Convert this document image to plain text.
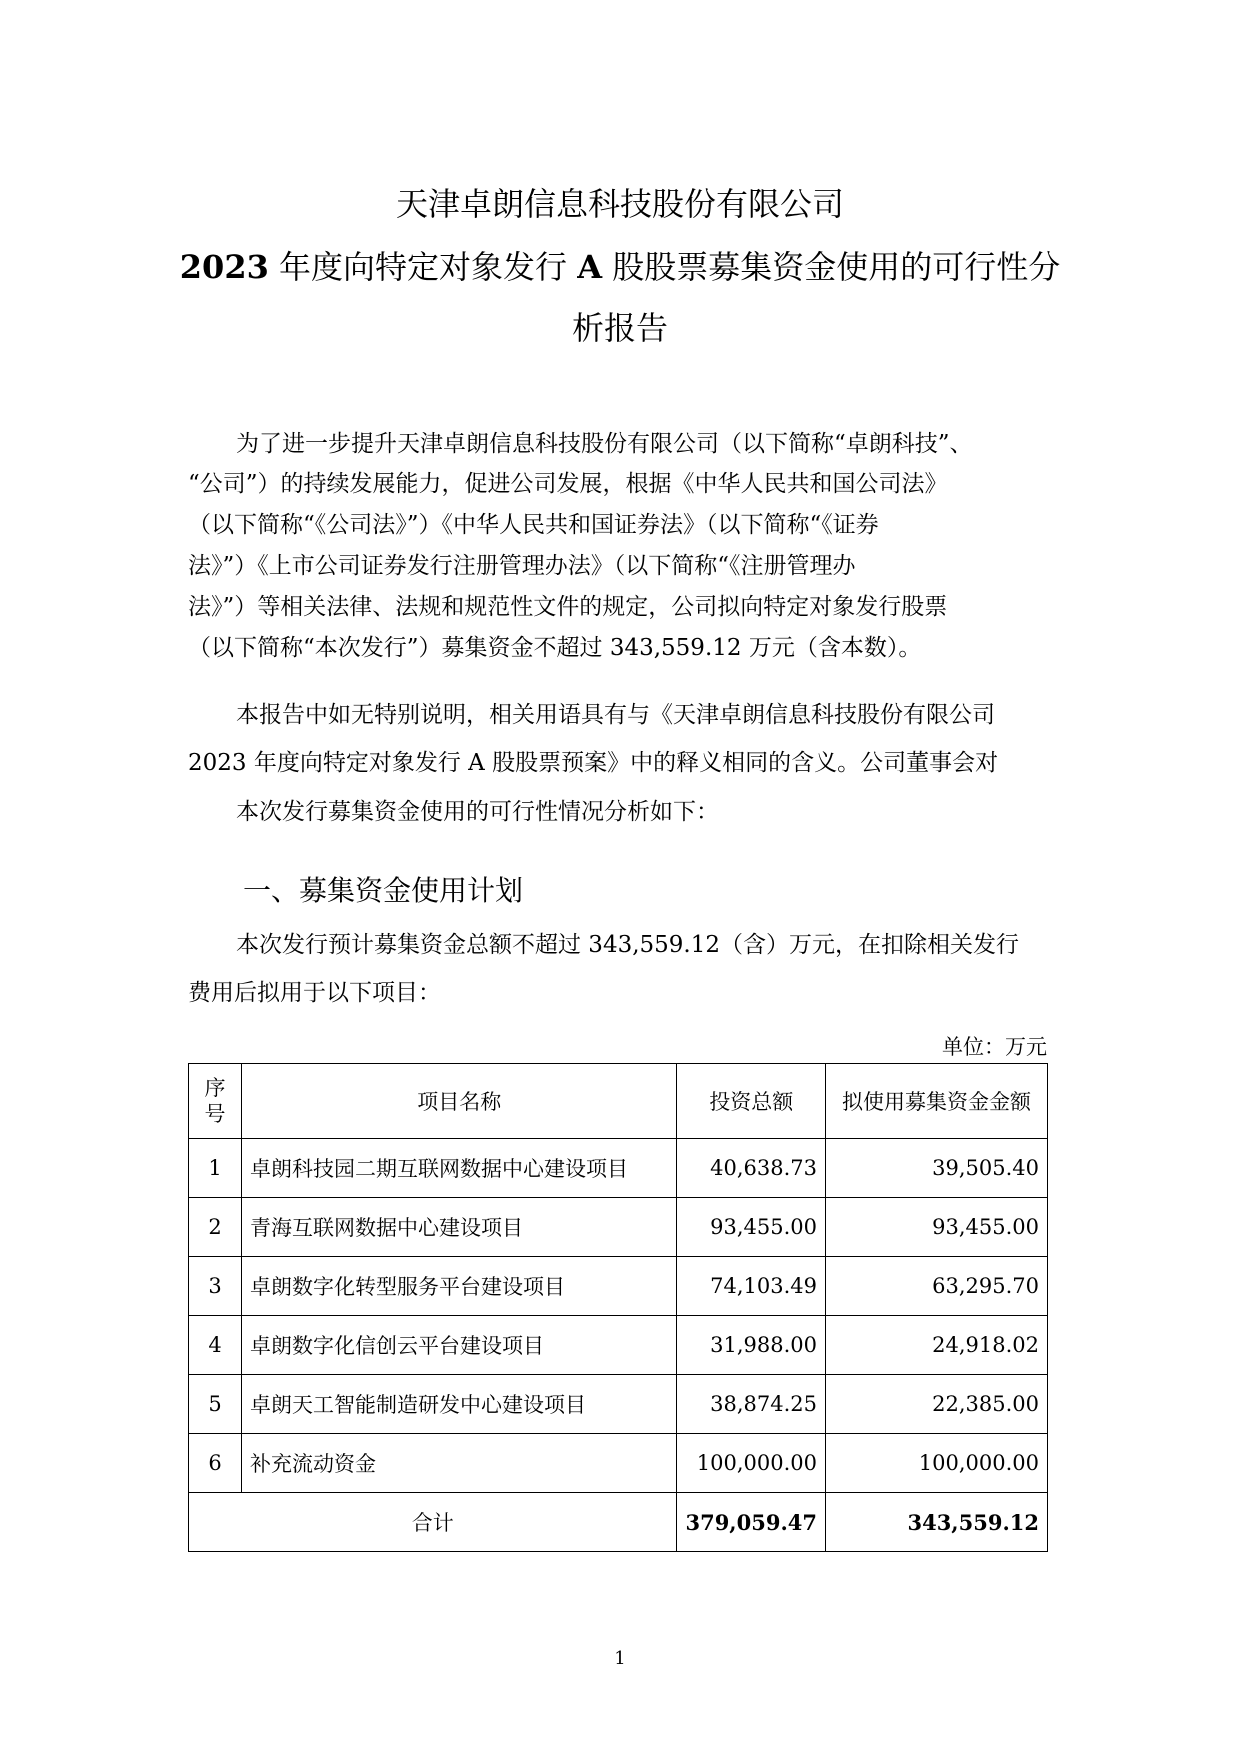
天津卓朗信息科技股份有限公司
2023 年度向特定对象发行 A 股股票募集资金使用的可行性分
析报告
为了进一步提升天津卓朗信息科技股份有限公司（以下简称“卓朗科技”、
“公司”）的持续发展能力，促进公司发展，根据《中华人民共和国公司法》
（以下简称“《公司法》”）《中华人民共和国证券法》（以下简称“《证券
法》”）《上市公司证券发行注册管理办法》（以下简称“《注册管理办
法》”）等相关法律、法规和规范性文件的规定，公司拟向特定对象发行股票
（以下简称“本次发行”）募集资金不超过 343,559.12 万元（含本数）。
本报告中如无特别说明，相关用语具有与《天津卓朗信息科技股份有限公司
2023 年度向特定对象发行 A 股股票预案》中的释义相同的含义。公司董事会对
本次发行募集资金使用的可行性情况分析如下：
一、募集资金使用计划
本次发行预计募集资金总额不超过 343,559.12（含）万元，在扣除相关发行
费用后拟用于以下项目：
单位：万元
序
号	项目名称	投资总额	拟使用募集资金金额
1	卓朗科技园二期互联网数据中心建设项目	40,638.73	39,505.40
2	青海互联网数据中心建设项目	93,455.00	93,455.00
3	卓朗数字化转型服务平台建设项目	74,103.49	63,295.70
4	卓朗数字化信创云平台建设项目	31,988.00	24,918.02
5	卓朗天工智能制造研发中心建设项目	38,874.25	22,385.00
6	补充流动资金	100,000.00	100,000.00
合计		379,059.47	343,559.12
1
